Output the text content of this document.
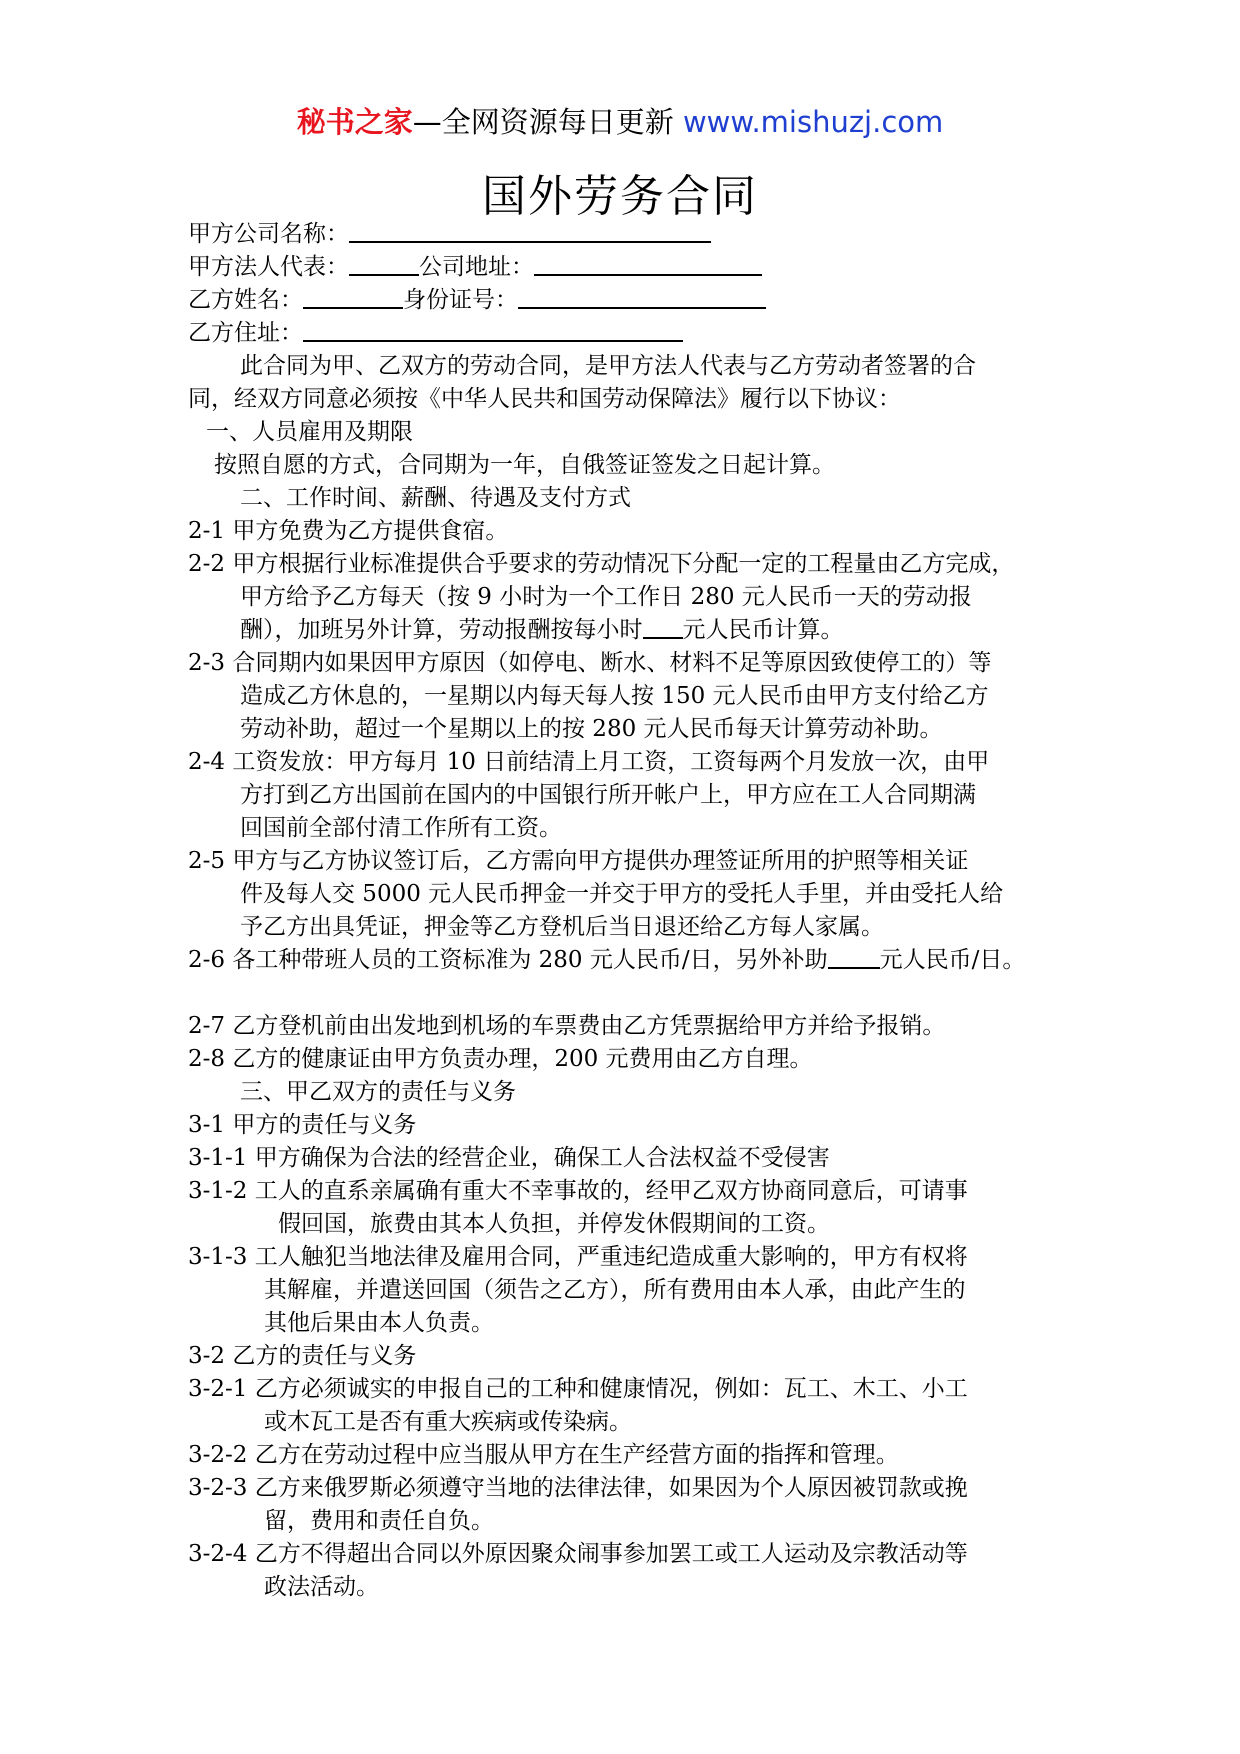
秘书之家—全网资源每日更新 www.mishuzj.com
国外劳务合同
甲方公司名称：
甲方法人代表：	公司地址：
乙方姓名：	身份证号：
乙方住址：
此合同为甲、乙双方的劳动合同，是甲方法人代表与乙方劳动者签署的合
同，经双方同意必须按《中华人民共和国劳动保障法》履行以下协议：
一、人员雇用及期限
按照自愿的方式，合同期为一年，自俄签证签发之日起计算。
二、工作时间、薪酬、待遇及支付方式
2-1 甲方免费为乙方提供食宿。
2-2 甲方根据行业标准提供合乎要求的劳动情况下分配一定的工程量由乙方完成，
甲方给予乙方每天（按 9 小时为一个工作日 280 元人民币一天的劳动报
酬），加班另外计算，劳动报酬按每小时 元人民币计算。
2-3 合同期内如果因甲方原因（如停电、断水、材料不足等原因致使停工的）等
造成乙方休息的，一星期以内每天每人按 150 元人民币由甲方支付给乙方
劳动补助，超过一个星期以上的按 280 元人民币每天计算劳动补助。
2-4 工资发放：甲方每月 10 日前结清上月工资，工资每两个月发放一次，由甲
方打到乙方出国前在国内的中国银行所开帐户上，甲方应在工人合同期满
回国前全部付清工作所有工资。
2-5 甲方与乙方协议签订后，乙方需向甲方提供办理签证所用的护照等相关证
件及每人交 5000 元人民币押金一并交于甲方的受托人手里，并由受托人给
予乙方出具凭证，押金等乙方登机后当日退还给乙方每人家属。
2-6 各工种带班人员的工资标准为 280 元人民币/日，另外补助 元人民币/日。
2-7 乙方登机前由出发地到机场的车票费由乙方凭票据给甲方并给予报销。
2-8 乙方的健康证由甲方负责办理，200 元费用由乙方自理。
三、甲乙双方的责任与义务
3-1 甲方的责任与义务
3-1-1 甲方确保为合法的经营企业，确保工人合法权益不受侵害
3-1-2 工人的直系亲属确有重大不幸事故的，经甲乙双方协商同意后，可请事
假回国，旅费由其本人负担，并停发休假期间的工资。
3-1-3 工人触犯当地法律及雇用合同，严重违纪造成重大影响的，甲方有权将
其解雇，并遣送回国（须告之乙方），所有费用由本人承，由此产生的
其他后果由本人负责。
3-2 乙方的责任与义务
3-2-1 乙方必须诚实的申报自己的工种和健康情况，例如：瓦工、木工、小工
或木瓦工是否有重大疾病或传染病。
3-2-2 乙方在劳动过程中应当服从甲方在生产经营方面的指挥和管理。
3-2-3 乙方来俄罗斯必须遵守当地的法律法律，如果因为个人原因被罚款或挽
留，费用和责任自负。
3-2-4 乙方不得超出合同以外原因聚众闹事参加罢工或工人运动及宗教活动等
政法活动。
